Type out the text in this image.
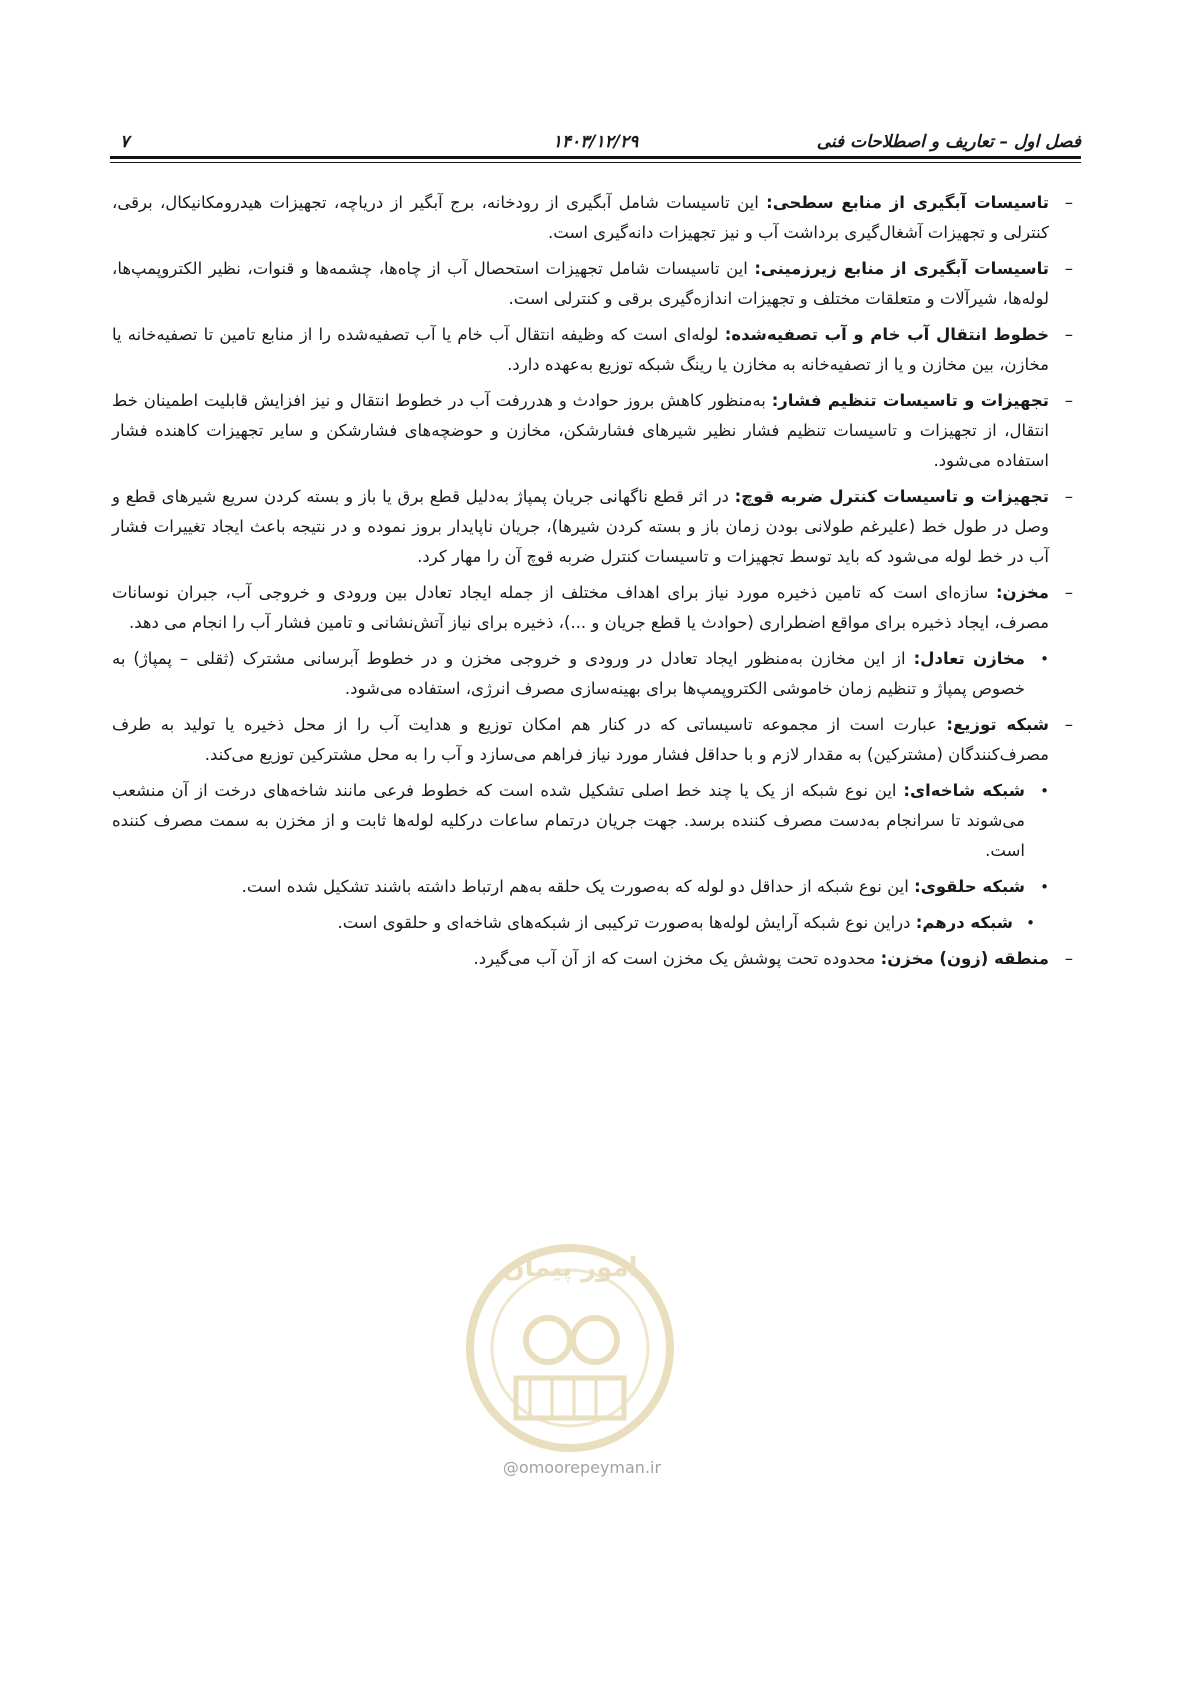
فصل اول – تعاریف و اصطلاحات فنی
۱۴۰۳/۱۲/۲۹
۷
–
تاسیسات آبگیری از منابع سطحی: این تاسیسات شامل آبگیری از رودخانه، برج آبگیر از دریاچه، تجهیزات هیدرومکانیکال، برقی، کنترلی و تجهیزات آشغال‌گیری برداشت آب و نیز تجهیزات دانه‌گیری است.
–
تاسیسات آبگیری از منابع زیرزمینی: این تاسیسات شامل تجهیزات استحصال آب از چاه‌ها، چشمه‌ها و قنوات، نظیر الکتروپمپ‌ها، لوله‌ها، شیرآلات و متعلقات مختلف و تجهیزات اندازه‌گیری برقی و کنترلی است.
–
خطوط انتقال آب خام و آب تصفیه‌شده: لوله‌ای است که وظیفه انتقال آب خام یا آب تصفیه‌شده را از منابع تامین تا تصفیه‌خانه یا مخازن، بین مخازن و یا از تصفیه‌خانه به مخازن یا رینگ شبکه توزیع به‌عهده دارد.
–
تجهیزات و تاسیسات تنظیم فشار: به‌منظور کاهش بروز حوادث و هدررفت آب در خطوط انتقال و نیز افزایش قابلیت اطمینان خط انتقال، از تجهیزات و تاسیسات تنظیم فشار نظیر شیرهای فشارشکن، مخازن و حوضچه‌های فشارشکن و سایر تجهیزات کاهنده فشار استفاده می‌شود.
–
تجهیزات و تاسیسات کنترل ضربه قوچ: در اثر قطع ناگهانی جریان پمپاژ به‌دلیل قطع برق یا باز و بسته کردن سریع شیرهای قطع و وصل در طول خط (علیرغم طولانی بودن زمان باز و بسته کردن شیرها)، جریان ناپایدار بروز نموده و در نتیجه باعث ایجاد تغییرات فشار آب در خط لوله می‌شود که باید توسط تجهیزات و تاسیسات کنترل ضربه قوچ آن را مهار کرد.
–
مخزن: سازه‌ای است که تامین ذخیره مورد نیاز برای اهداف مختلف از جمله ایجاد تعادل بین ورودی و خروجی آب، جبران نوسانات مصرف، ایجاد ذخیره برای مواقع اضطراری (حوادث یا قطع جریان و ...)، ذخیره برای نیاز آتش‌نشانی و تامین فشار آب را انجام می دهد.
•
مخازن تعادل: از این مخازن به‌منظور ایجاد تعادل در ورودی و خروجی مخزن و در خطوط آبرسانی مشترک (ثقلی – پمپاژ) به خصوص پمپاژ و تنظیم زمان خاموشی الکتروپمپ‌ها برای بهینه‌سازی مصرف انرژی، استفاده می‌شود.
–
شبکه توزیع: عبارت است از مجموعه تاسیساتی که در کنار هم امکان توزیع و هدایت آب را از محل ذخیره یا تولید به طرف مصرف‌کنندگان (مشترکین) به مقدار لازم و با حداقل فشار مورد نیاز فراهم می‌سازد و آب را به محل مشترکین توزیع می‌کند.
•
شبکه شاخه‌ای: این نوع شبکه از یک یا چند خط اصلی تشکیل شده است که خطوط فرعی مانند شاخه‌های درخت از آن منشعب می‌شوند تا سرانجام به‌دست مصرف کننده برسد. جهت جریان درتمام ساعات درکلیه لوله‌ها ثابت و از مخزن به سمت مصرف کننده است.
•
شبکه حلقوی: این نوع شبکه از حداقل دو لوله که به‌صورت یک حلقه به‌هم ارتباط داشته باشند تشکیل شده است.
•
شبکه درهم: دراین نوع شبکه آرایش لوله‌ها به‌صورت ترکیبی از شبکه‌های شاخه‌ای و حلقوی است.
–
منطقه (زون) مخزن: محدوده تحت پوشش یک مخزن است که از آن آب می‌گیرد.
امور پیمان
@omoorepeyman.ir
